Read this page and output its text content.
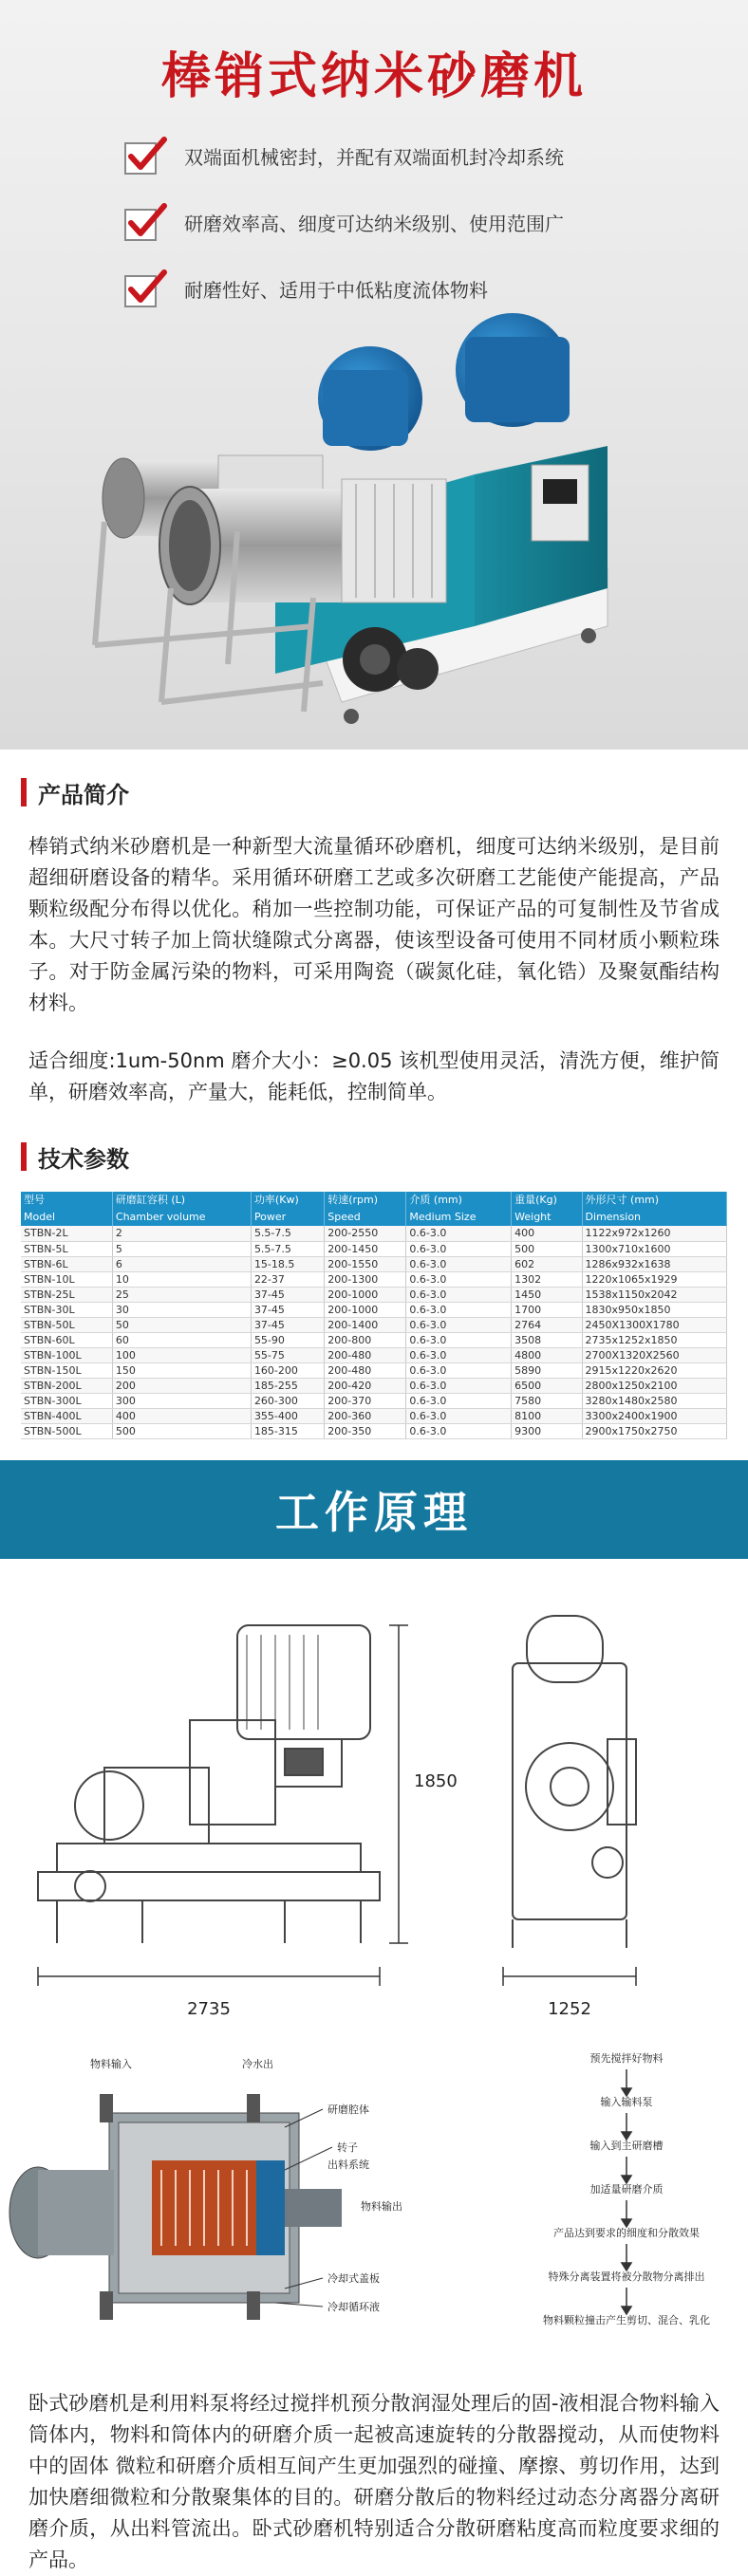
棒销式纳米砂磨机
双端面机械密封，并配有双端面机封冷却系统
研磨效率高、细度可达纳米级别、使用范围广
耐磨性好、适用于中低粘度流体物料
产品简介

棒销式纳米砂磨机是一种新型大流量循环砂磨机，细度可达纳米级别，是目前超细研磨设备的精华。采用循环研磨工艺或多次研磨工艺能使产能提高，产品颗粒级配分布得以优化。稍加一些控制功能，可保证产品的可复制性及节省成本。大尺寸转子加上筒状缝隙式分离器，使该型设备可使用不同材质小颗粒珠子。对于防金属污染的物料，可采用陶瓷（碳氮化硅，氧化锆）及聚氨酯结构材料。

适合细度:1um-50nm 磨介大小：≥0.05 该机型使用灵活，清洗方便，维护简单，研磨效率高，产量大，能耗低，控制简单。

技术参数
型号	研磨缸容积 (L)	功率(Kw)	转速(rpm)	介质 (mm)	重量(Kg)	外形尺寸 (mm)
Model	Chamber volume	Power	Speed	Medium Size	Weight	Dimension
STBN-2L	2	5.5-7.5	200-2550	0.6-3.0	400	1122x972x1260
STBN-5L	5	5.5-7.5	200-1450	0.6-3.0	500	1300x710x1600
STBN-6L	6	15-18.5	200-1550	0.6-3.0	602	1286x932x1638
STBN-10L	10	22-37	200-1300	0.6-3.0	1302	1220x1065x1929
STBN-25L	25	37-45	200-1000	0.6-3.0	1450	1538x1150x2042
STBN-30L	30	37-45	200-1000	0.6-3.0	1700	1830x950x1850
STBN-50L	50	37-45	200-1400	0.6-3.0	2764	2450X1300X1780
STBN-60L	60	55-90	200-800	0.6-3.0	3508	2735x1252x1850
STBN-100L	100	55-75	200-480	0.6-3.0	4800	2700X1320X2560
STBN-150L	150	160-200	200-480	0.6-3.0	5890	2915x1220x2620
STBN-200L	200	185-255	200-420	0.6-3.0	6500	2800x1250x2100
STBN-300L	300	260-300	200-370	0.6-3.0	7580	3280x1480x2580
STBN-400L	400	355-400	200-360	0.6-3.0	8100	3300x2400x1900
STBN-500L	500	185-315	200-350	0.6-3.0	9300	2900x1750x2750
工作原理
2735
1850
1252

物料输入	冷水出
研磨腔体
转子
出料系统
物料输出
冷却式盖板
冷却循环液
预先搅拌好物料
输入输料泵
输入到主研磨槽
加适量研磨介质
产品达到要求的细度和分散效果
特殊分离装置将被分散物分离排出
物料颗粒撞击产生剪切、混合、乳化

卧式砂磨机是利用料泵将经过搅拌机预分散润湿处理后的固-液相混合物料输入筒体内，物料和筒体内的研磨介质一起被高速旋转的分散器搅动，从而使物料中的固体 微粒和研磨介质相互间产生更加强烈的碰撞、摩擦、剪切作用，达到加快磨细微粒和分散聚集体的目的。研磨分散后的物料经过动态分离器分离研磨介质，从出料管流出。卧式砂磨机特别适合分散研磨粘度高而粒度要求细的产品。
